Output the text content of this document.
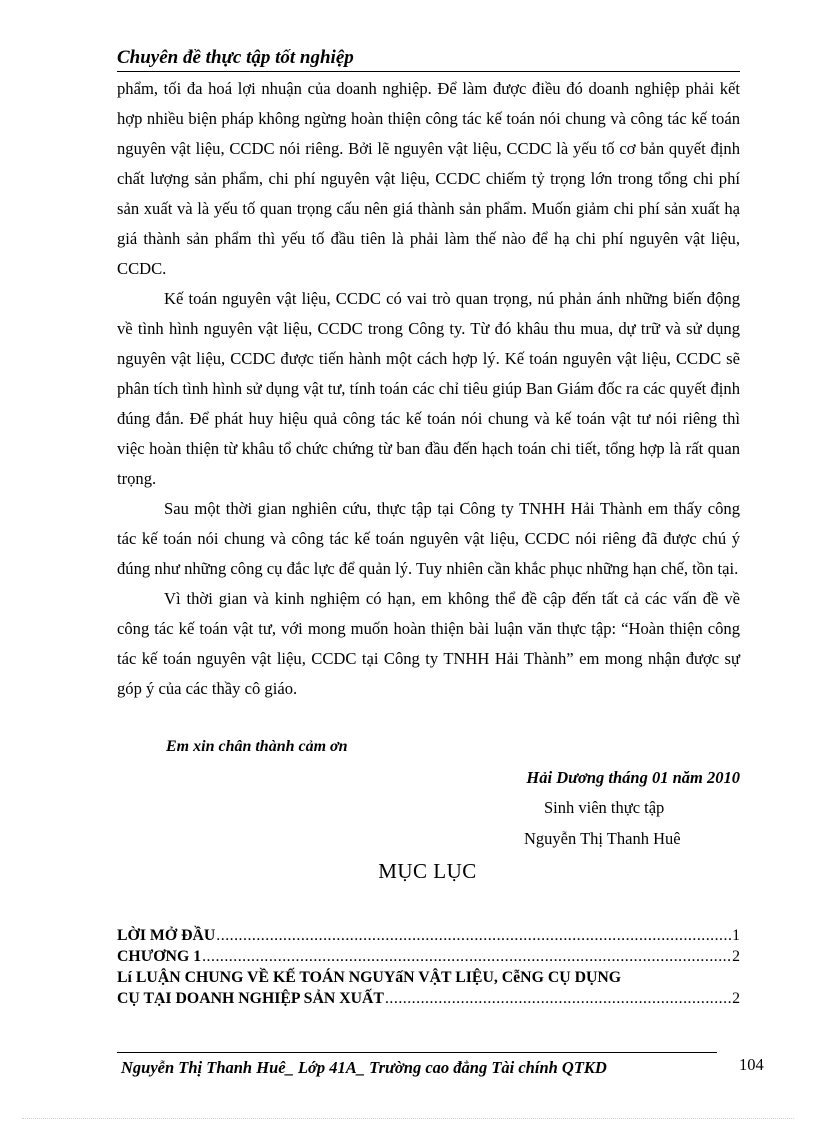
Chuyên đề thực tập tốt nghiệp

phẩm, tối đa hoá lợi nhuận của doanh nghiệp. Để làm được điều đó doanh nghiệp phải kết hợp nhiều biện pháp không ngừng hoàn thiện công tác kế toán nói chung và công tác kế toán nguyên vật liệu, CCDC nói riêng. Bởi lẽ nguyên vật liệu, CCDC là yếu tố cơ bản quyết định chất lượng sản phẩm, chi phí nguyên vật liệu, CCDC chiếm tỷ trọng lớn trong tổng chi phí sản xuất và là yếu tố quan trọng cấu nên giá thành sản phẩm. Muốn giảm chi phí sản xuất hạ giá thành sản phẩm thì yếu tố đầu tiên là phải làm thế nào để hạ chi phí nguyên vật liệu, CCDC.

Kế toán nguyên vật liệu, CCDC có vai trò quan trọng, nú phản ánh những biến động về tình hình nguyên vật liệu, CCDC trong Công ty. Từ đó khâu thu mua, dự trữ và sử dụng nguyên vật liệu, CCDC được tiến hành một cách hợp lý. Kế toán nguyên vật liệu, CCDC sẽ phân tích tình hình sử dụng vật tư, tính toán các chỉ tiêu giúp Ban Giám đốc ra các quyết định đúng đắn. Để phát huy hiệu quả công tác kế toán nói chung và kế toán vật tư nói riêng thì việc hoàn thiện từ khâu tổ chức chứng từ ban đầu đến hạch toán chi tiết, tổng hợp là rất quan trọng.

Sau một thời gian nghiên cứu, thực tập tại Công ty TNHH Hải Thành em thấy công tác kế toán nói chung và công tác kế toán nguyên vật liệu, CCDC nói riêng đã được chú ý đúng như những công cụ đắc lực để quản lý. Tuy nhiên cần khắc phục những hạn chế, tồn tại.

Vì thời gian và kinh nghiệm có hạn, em không thể đề cập đến tất cả các vấn đề về công tác kế toán vật tư, với mong muốn hoàn thiện bài luận văn thực tập: “Hoàn thiện công tác kế toán nguyên vật liệu, CCDC tại Công ty TNHH Hải Thành” em mong nhận được sự góp ý của các thầy cô giáo.

Em xin chân thành cảm ơn
Hải Dương tháng 01 năm 2010
Sinh viên thực tập
Nguyễn Thị Thanh Huê
MỤC LỤC
LỜI MỞ ĐẦU .....	1
CHƯƠNG 1 .....	2
Lí LUẬN CHUNG VỀ KẾ TOÁN NGUYấN VẬT LIỆU, CễNG CỤ DỤNG
CỤ TẠI DOANH NGHIỆP SẢN XUẤT .....	2
Nguyễn Thị Thanh Huê_ Lớp 41A_ Trường cao đẳng Tài chính QTKD	104
